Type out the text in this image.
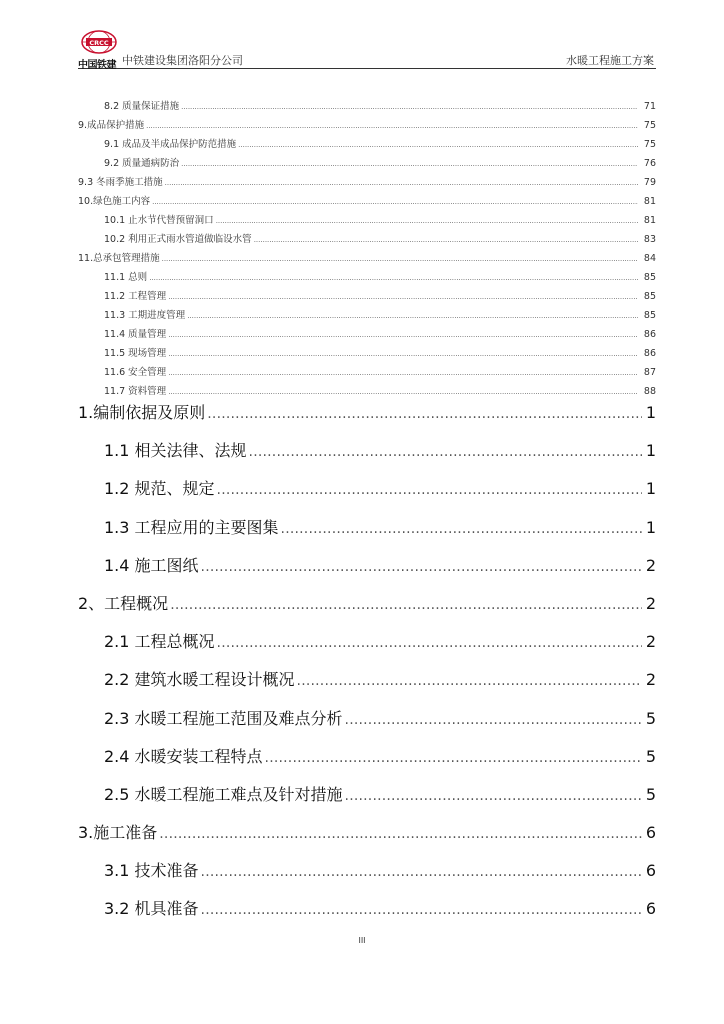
CRCC
中国铁建 中铁建设集团洛阳分公司	水暖工程施工方案
8.2 质量保证措施 .....	71
9.成品保护措施 .....	75
9.1 成品及半成品保护防范措施 .....	75
9.2 质量通病防治 .....	76
9.3 冬雨季施工措施 .....	79
10.绿色施工内容 .....	81
10.1 止水节代替预留洞口 .....	81
10.2 利用正式雨水管道做临设水管 .....	83
11.总承包管理措施 .....	84
11.1 总则 .....	85
11.2 工程管理 .....	85
11.3 工期进度管理 .....	85
11.4 质量管理 .....	86
11.5 现场管理 .....	86
11.6 安全管理 .....	87
11.7 资料管理 .....	88
1.编制依据及原则 .....	1
1.1 相关法律、法规 .....	1
1.2 规范、规定 .....	1
1.3 工程应用的主要图集 .....	1
1.4 施工图纸 .....	2
2、工程概况 .....	2
2.1 工程总概况 .....	2
2.2 建筑水暖工程设计概况 .....	2
2.3 水暖工程施工范围及难点分析 .....	5
2.4 水暖安装工程特点 .....	5
2.5 水暖工程施工难点及针对措施 .....	5
3.施工准备 .....	6
3.1 技术准备 .....	6
3.2 机具准备 .....	6
III
